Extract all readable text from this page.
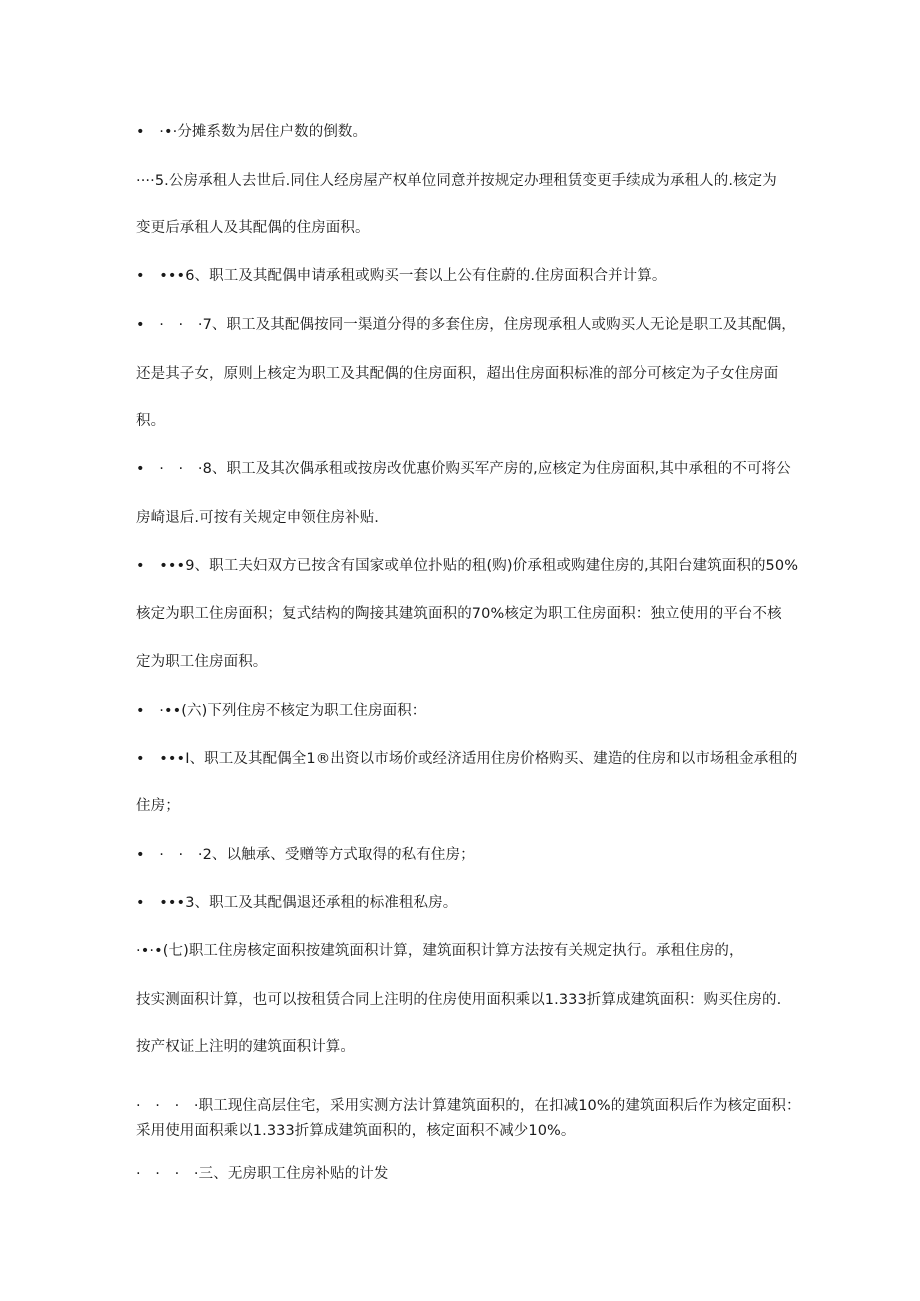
•　·•·分摊系数为居住户数的倒数。
····5.公房承租人去世后.同住人经房屋产权单位同意并按规定办理租赁变更手续成为承租人的.核定为
变更后承租人及其配偶的住房面积。
•　•••6、职工及其配偶申请承租或购买一套以上公有住蔚的.住房面积合并计算。
•　·　·　·7、职工及其配偶按同一渠道分得的多套住房，住房现承租人或购买人无论是职工及其配偶，
还是其子女，原则上核定为职工及其配偶的住房面积，超出住房面积标准的部分可核定为子女住房面
积。
•　·　·　·8、职工及其次偶承租或按房改优惠价购买军产房的,应核定为住房面积,其中承租的不可将公
房崎退后.可按有关规定申领住房补贴.
•　•••9、职工夫妇双方已按含有国家或单位扑贴的租(购)价承租或购建住房的,其阳台建筑面积的50%
核定为职工住房面积；复式结构的陶接其建筑面积的70%核定为职工住房面积：独立使用的平台不核
定为职工住房面积。
•　·••(六)下列住房不核定为职工住房面积：
•　•••I、职工及其配偶全1®出资以市场价或经济适用住房价格购买、建造的住房和以市场租金承租的
住房；
•　·　·　·2、以触承、受赠等方式取得的私有住房；
•　•••3、职工及其配偶退还承租的标准租私房。
·•·•(七)职工住房核定面积按建筑面积计算，建筑面积计算方法按有关规定执行。承租住房的，
技实测面积计算，也可以按租赁合同上注明的住房使用面积乘以1.333折算成建筑面积：购买住房的.
按产权证上注明的建筑面积计算。
·　·　·　·职工现住高层住宅，采用实测方法计算建筑面积的，在扣减10%的建筑面积后作为核定面积：
采用使用面积乘以1.333折算成建筑面积的，核定面积不减少10%。
·　·　·　·三、无房职工住房补贴的计发
